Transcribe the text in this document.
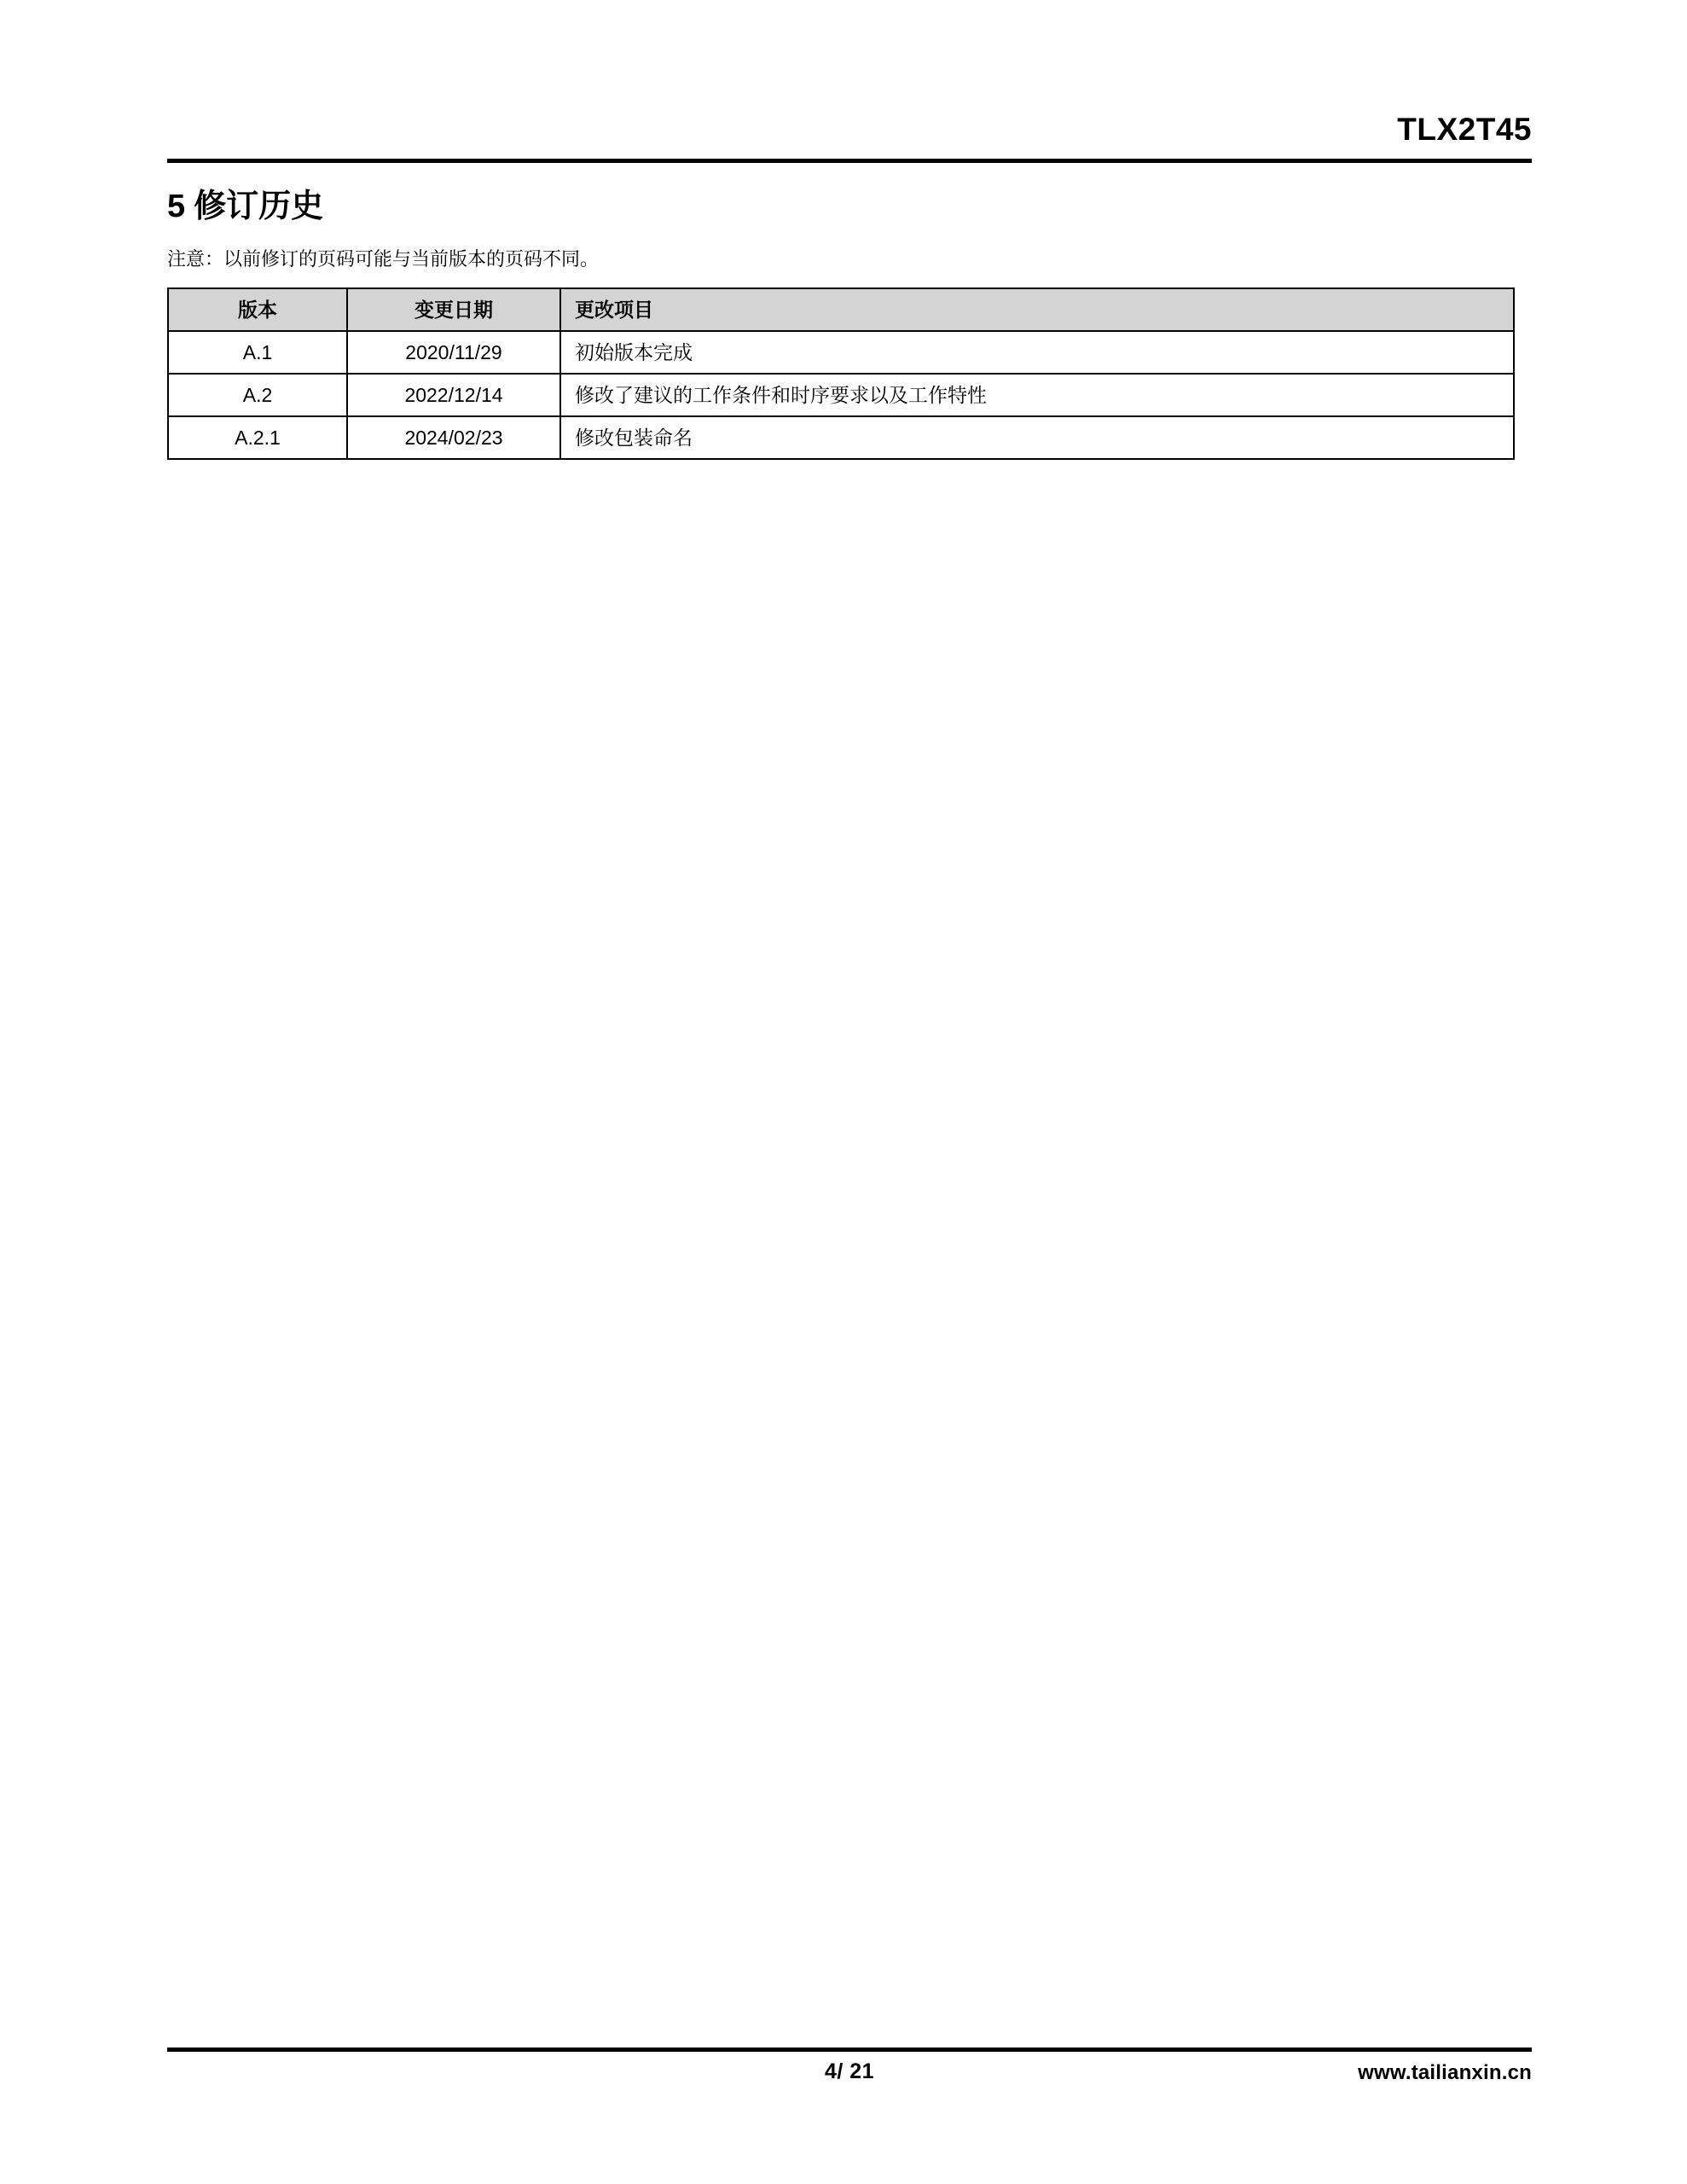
TLX2T45
5 修订历史
注意：以前修订的页码可能与当前版本的页码不同。
版本	变更日期	更改项目
A.1	2020/11/29	初始版本完成
A.2	2022/12/14	修改了建议的工作条件和时序要求以及工作特性
A.2.1	2024/02/23	修改包装命名
4/ 21	www.tailianxin.cn
